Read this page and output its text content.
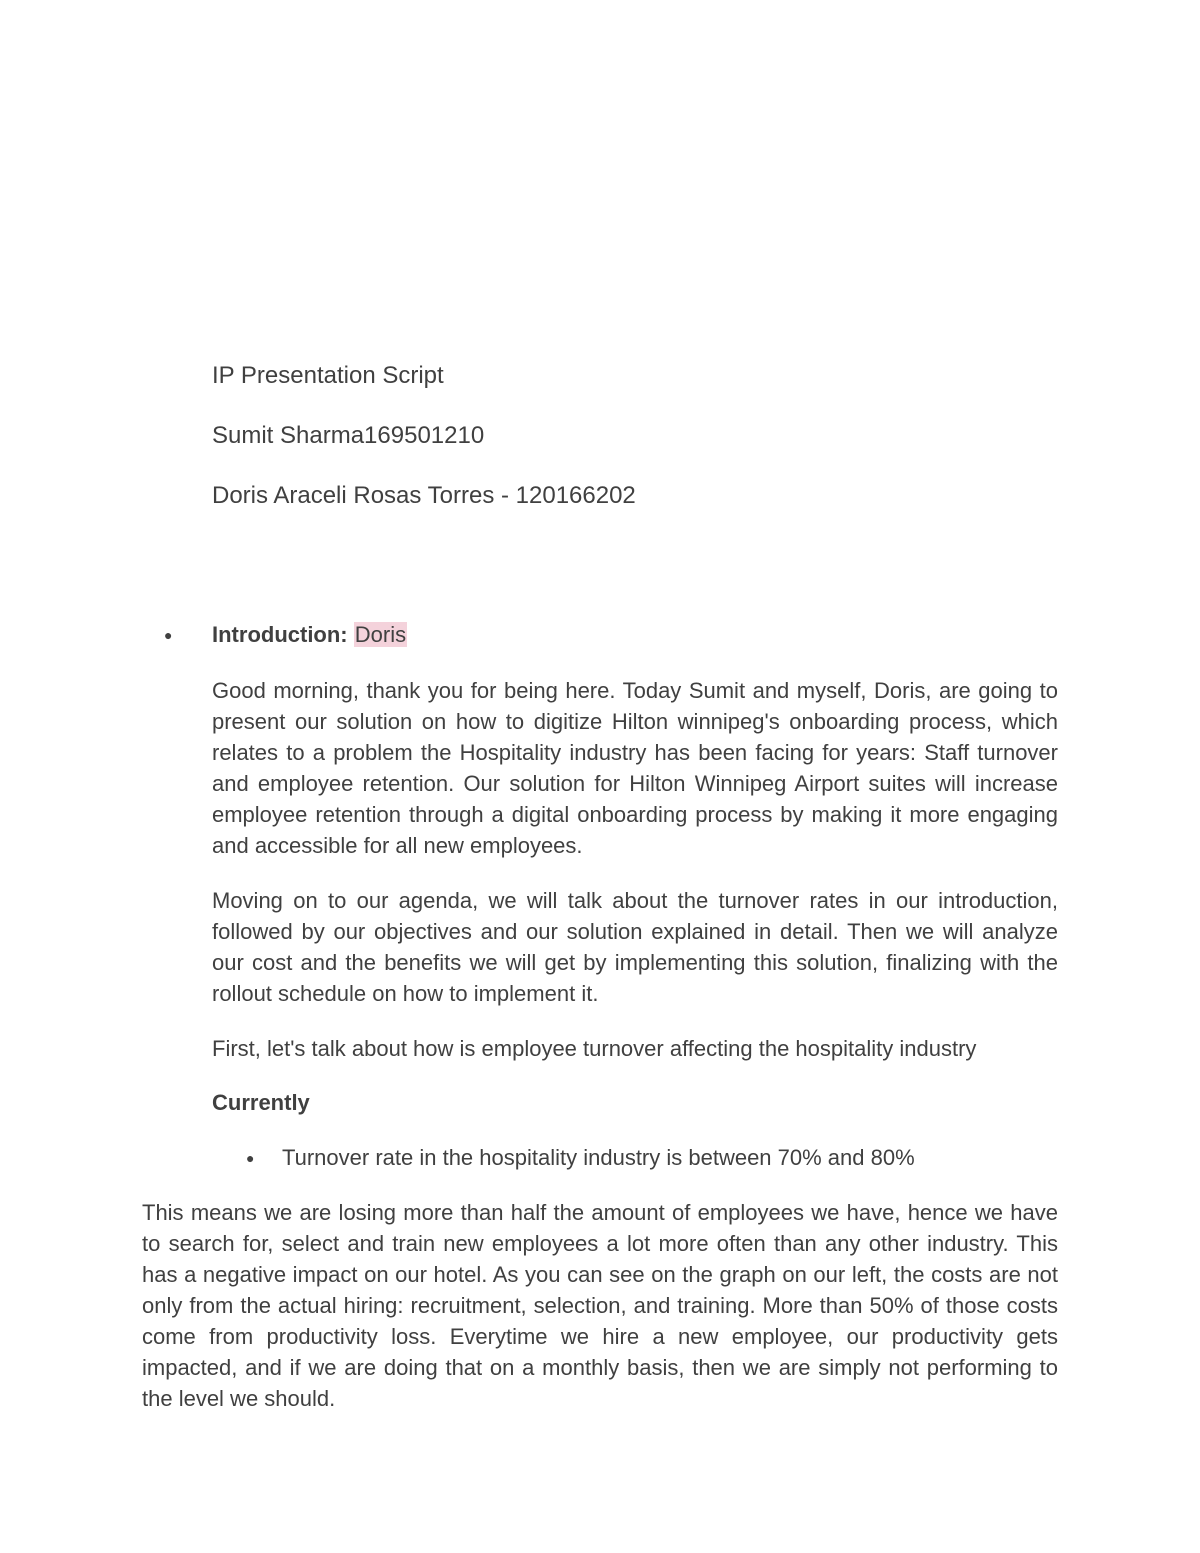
IP Presentation Script

Sumit Sharma169501210

Doris Araceli Rosas Torres - 120166202

● Introduction: Doris

Good morning, thank you for being here. Today Sumit and myself, Doris, are going to present our solution on how to digitize Hilton winnipeg's onboarding process, which relates to a problem the Hospitality industry has been facing for years: Staff turnover and employee retention. Our solution for Hilton Winnipeg Airport suites will increase employee retention through a digital onboarding process by making it more engaging and accessible for all new employees.

Moving on to our agenda, we will talk about the turnover rates in our introduction, followed by our objectives and our solution explained in detail. Then we will analyze our cost and the benefits we will get by implementing this solution, finalizing with the rollout schedule on how to implement it.

First, let's talk about how is employee turnover affecting the hospitality industry

Currently

● Turnover rate in the hospitality industry is between 70% and 80%

This means we are losing more than half the amount of employees we have, hence we have to search for, select and train new employees a lot more often than any other industry. This has a negative impact on our hotel. As you can see on the graph on our left, the costs are not only from the actual hiring: recruitment, selection, and training. More than 50% of those costs come from productivity loss. Everytime we hire a new employee, our productivity gets impacted, and if we are doing that on a monthly basis, then we are simply not performing to the level we should.
